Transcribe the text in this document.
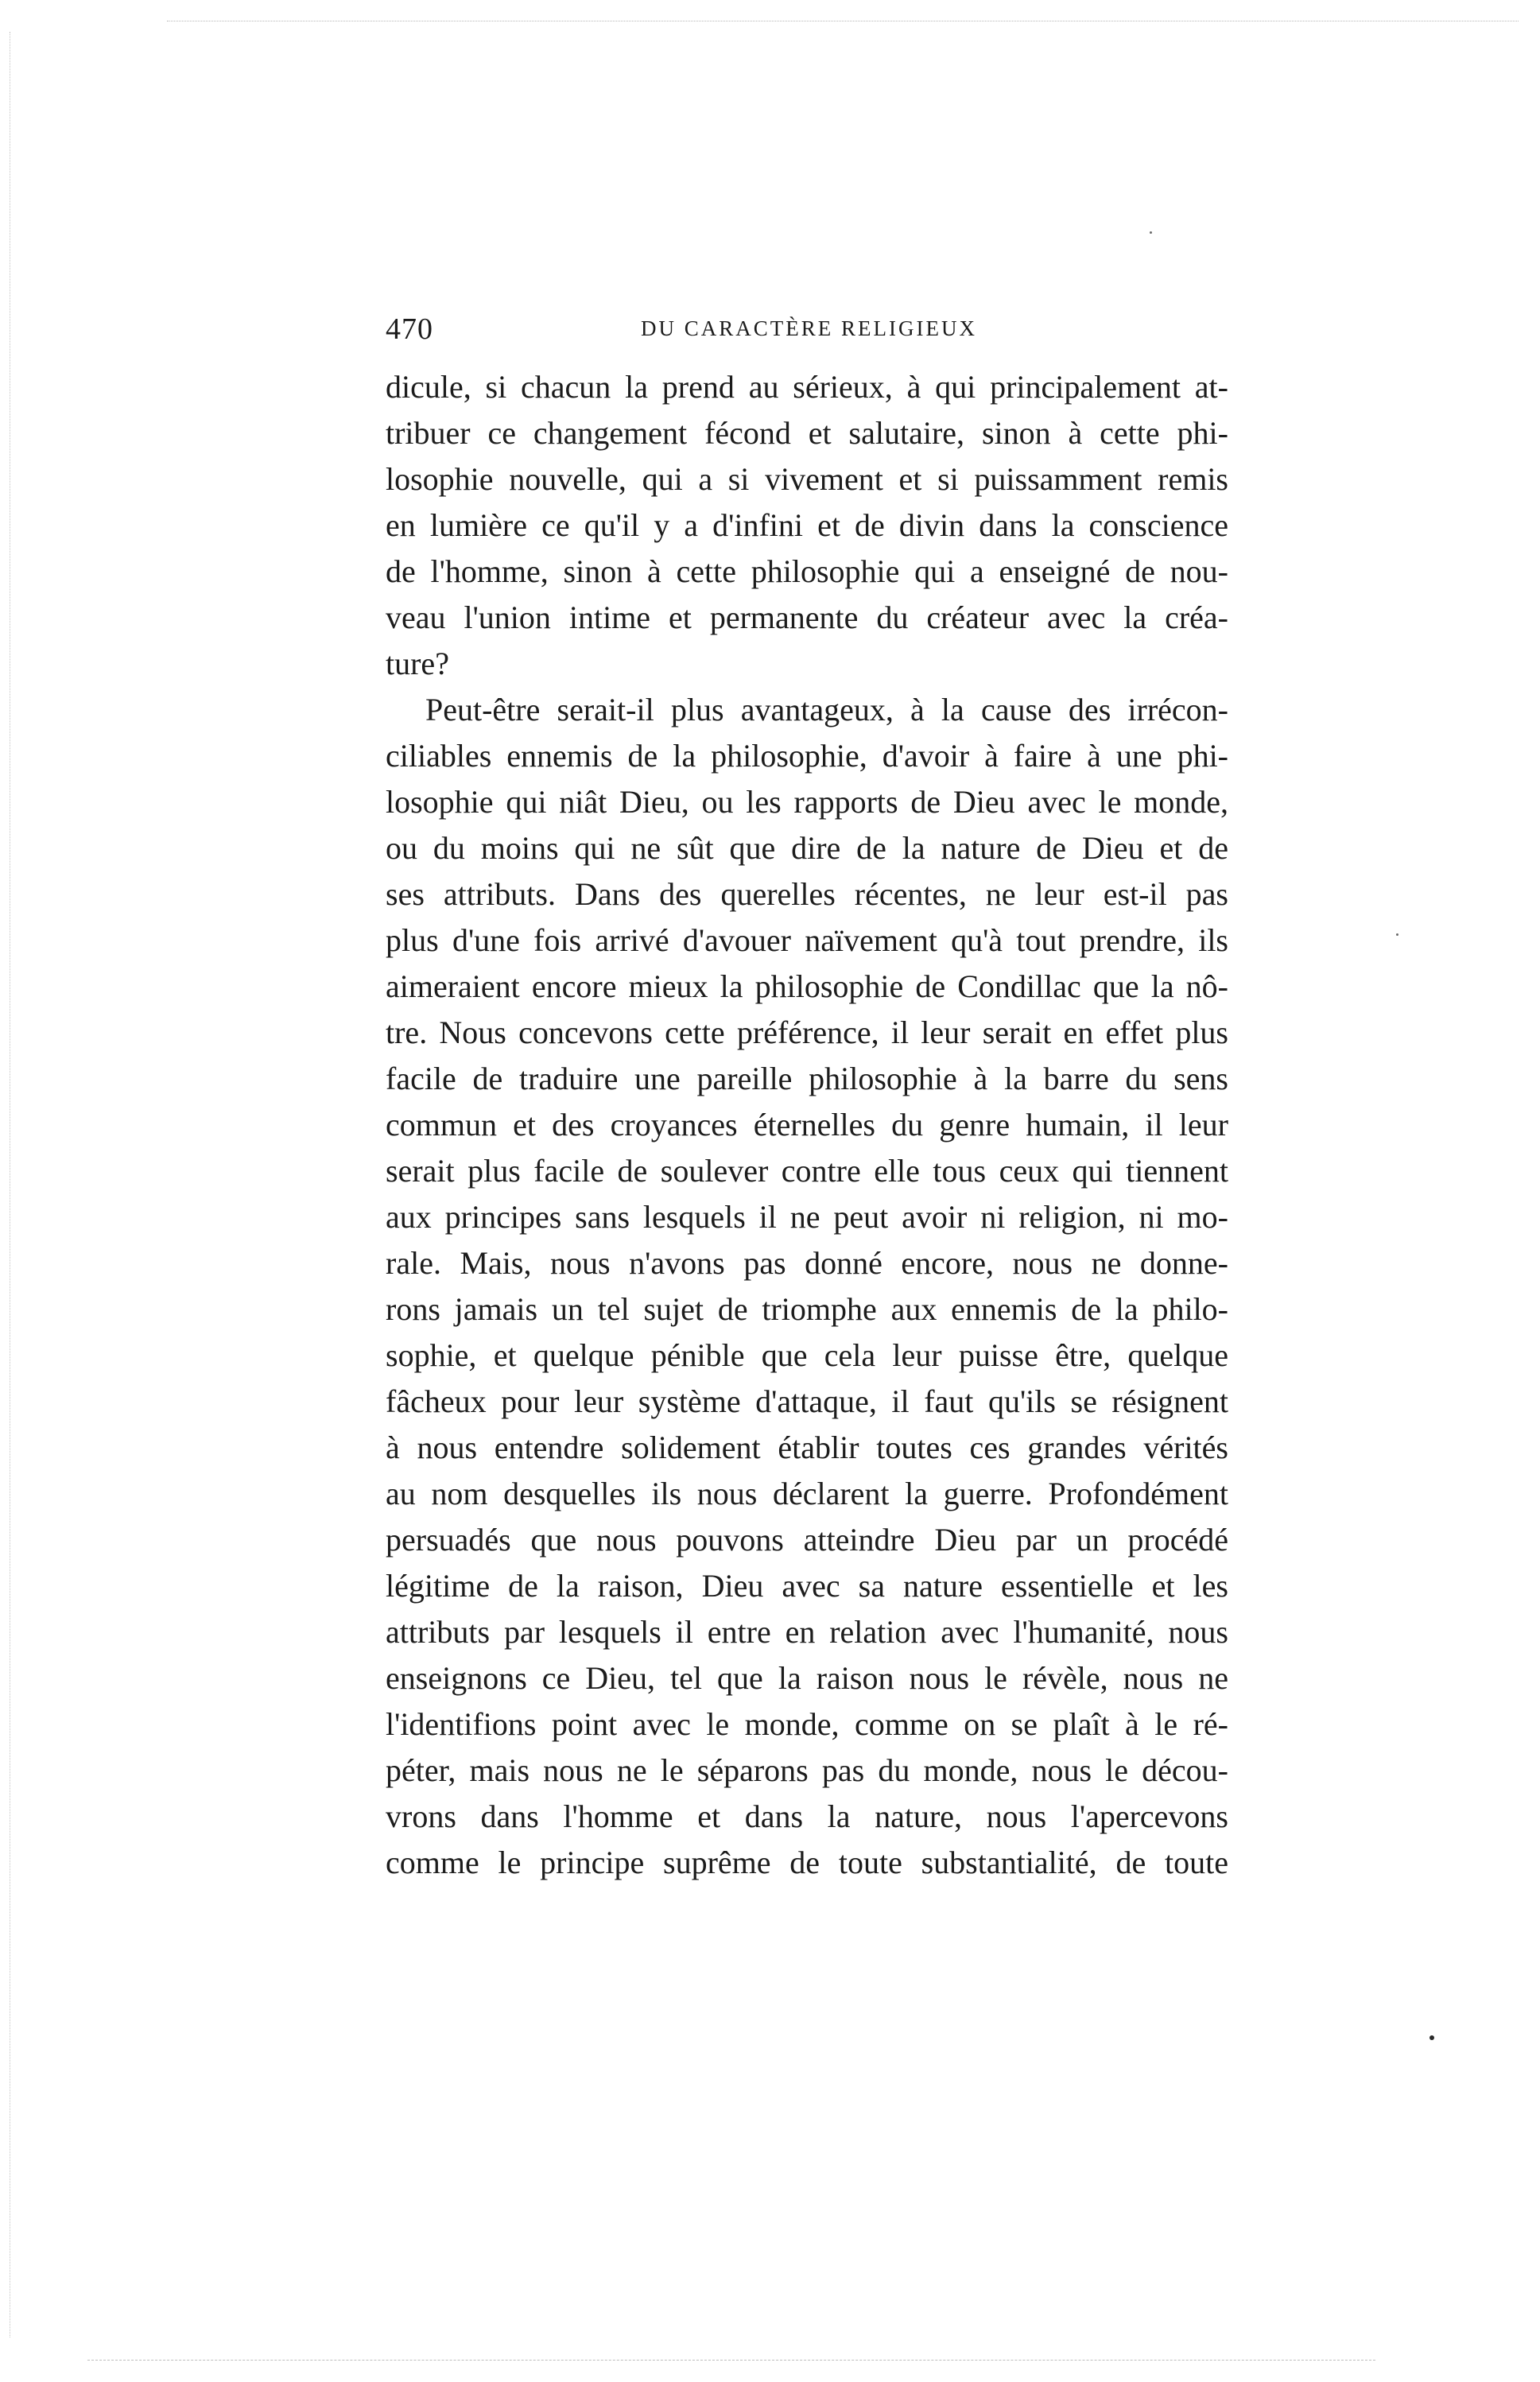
470	DU CARACTÈRE RELIGIEUX
dicule, si chacun la prend au sérieux, à qui principalement at-
tribuer ce changement fécond et salutaire, sinon à cette phi-
losophie nouvelle, qui a si vivement et si puissamment remis
en lumière ce qu'il y a d'infini et de divin dans la conscience
de l'homme, sinon à cette philosophie qui a enseigné de nou-
veau l'union intime et permanente du créateur avec la créa-
ture?
Peut-être serait-il plus avantageux, à la cause des irrécon-
ciliables ennemis de la philosophie, d'avoir à faire à une phi-
losophie qui niât Dieu, ou les rapports de Dieu avec le monde,
ou du moins qui ne sût que dire de la nature de Dieu et de
ses attributs. Dans des querelles récentes, ne leur est-il pas
plus d'une fois arrivé d'avouer naïvement qu'à tout prendre, ils
aimeraient encore mieux la philosophie de Condillac que la nô-
tre. Nous concevons cette préférence, il leur serait en effet plus
facile de traduire une pareille philosophie à la barre du sens
commun et des croyances éternelles du genre humain, il leur
serait plus facile de soulever contre elle tous ceux qui tiennent
aux principes sans lesquels il ne peut avoir ni religion, ni mo-
rale. Mais, nous n'avons pas donné encore, nous ne donne-
rons jamais un tel sujet de triomphe aux ennemis de la philo-
sophie, et quelque pénible que cela leur puisse être, quelque
fâcheux pour leur système d'attaque, il faut qu'ils se résignent
à nous entendre solidement établir toutes ces grandes vérités
au nom desquelles ils nous déclarent la guerre. Profondément
persuadés que nous pouvons atteindre Dieu par un procédé
légitime de la raison, Dieu avec sa nature essentielle et les
attributs par lesquels il entre en relation avec l'humanité, nous
enseignons ce Dieu, tel que la raison nous le révèle, nous ne
l'identifions point avec le monde, comme on se plaît à le ré-
péter, mais nous ne le séparons pas du monde, nous le décou-
vrons dans l'homme et dans la nature, nous l'apercevons
comme le principe suprême de toute substantialité, de toute
